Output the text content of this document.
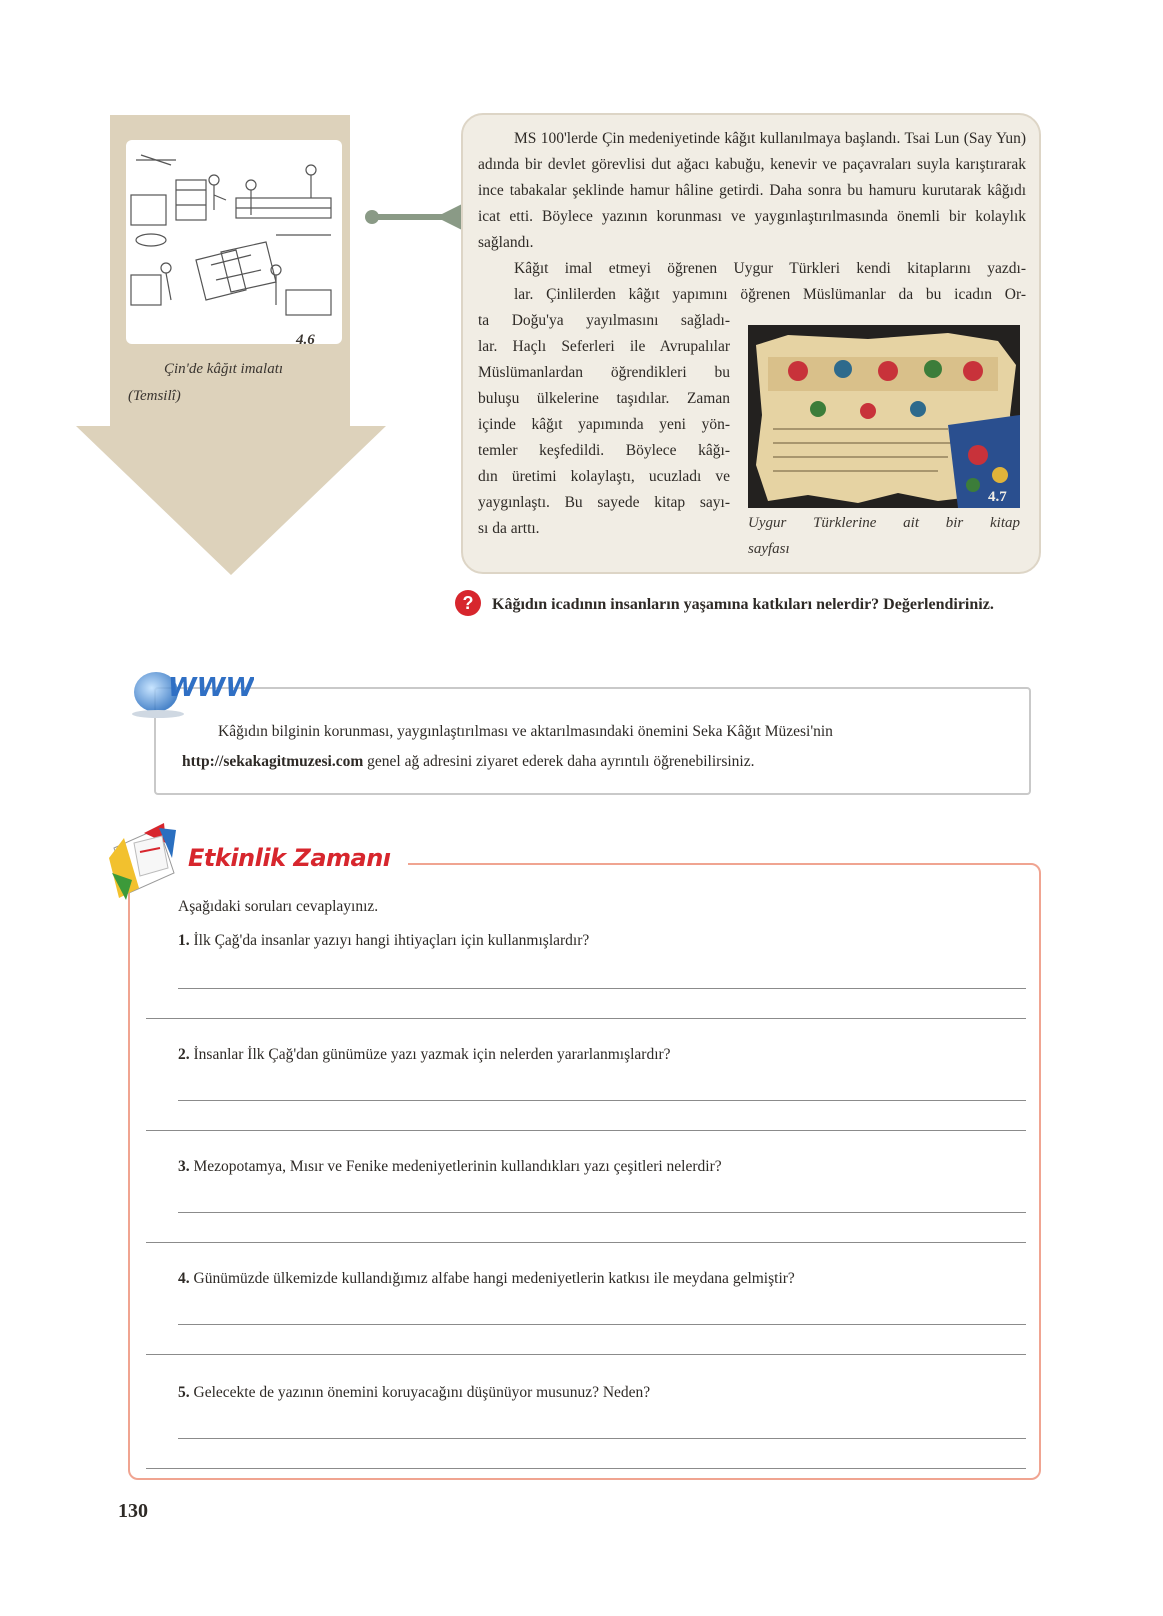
4.6
Çin'de kâğıt imalatı (Temsilî)

MS 100'lerde Çin medeniyetinde kâğıt kullanılmaya başlandı. Tsai Lun (Say Yun) adında bir devlet görevlisi dut ağacı kabuğu, kenevir ve paçavraları suyla karıştırarak ince tabakalar şeklinde hamur hâline getirdi. Daha sonra bu hamuru kurutarak kâğıdı icat etti. Böylece yazının korunması ve yaygınlaştırılmasında önemli bir kolaylık sağlandı.

Kâğıt imal etmeyi öğrenen Uygur Türkleri kendi kitaplarını yazdı-
lar. Çinlilerden kâğıt yapımını öğrenen Müslümanlar da bu icadın Or-
ta Doğu'ya yayılmasını sağladı-
lar. Haçlı Seferleri ile Avrupalılar
Müslümanlardan öğrendikleri bu
buluşu ülkelerine taşıdılar. Zaman
içinde kâğıt yapımında yeni yön-
temler keşfedildi. Böylece kâğı-
dın üretimi kolaylaştı, ucuzladı ve
yaygınlaştı. Bu sayede kitap sayı-
sı da arttı.
4.7
Uygur Türklerine ait bir kitap
sayfası
?	Kâğıdın icadının insanların yaşamına katkıları nelerdir? Değerlendiriniz.
WWW
Kâğıdın bilginin korunması, yaygınlaştırılması ve aktarılmasındaki önemini Seka Kâğıt Müzesi'nin http://sekakagitmuzesi.com genel ağ adresini ziyaret ederek daha ayrıntılı öğrenebilirsiniz.
Etkinlik Zamanı
Aşağıdaki soruları cevaplayınız.
1. İlk Çağ'da insanlar yazıyı hangi ihtiyaçları için kullanmışlardır?
2. İnsanlar İlk Çağ'dan günümüze yazı yazmak için nelerden yararlanmışlardır?
3. Mezopotamya, Mısır ve Fenike medeniyetlerinin kullandıkları yazı çeşitleri nelerdir?
4. Günümüzde ülkemizde kullandığımız alfabe hangi medeniyetlerin katkısı ile meydana gelmiştir?
5. Gelecekte de yazının önemini koruyacağını düşünüyor musunuz? Neden?
130
